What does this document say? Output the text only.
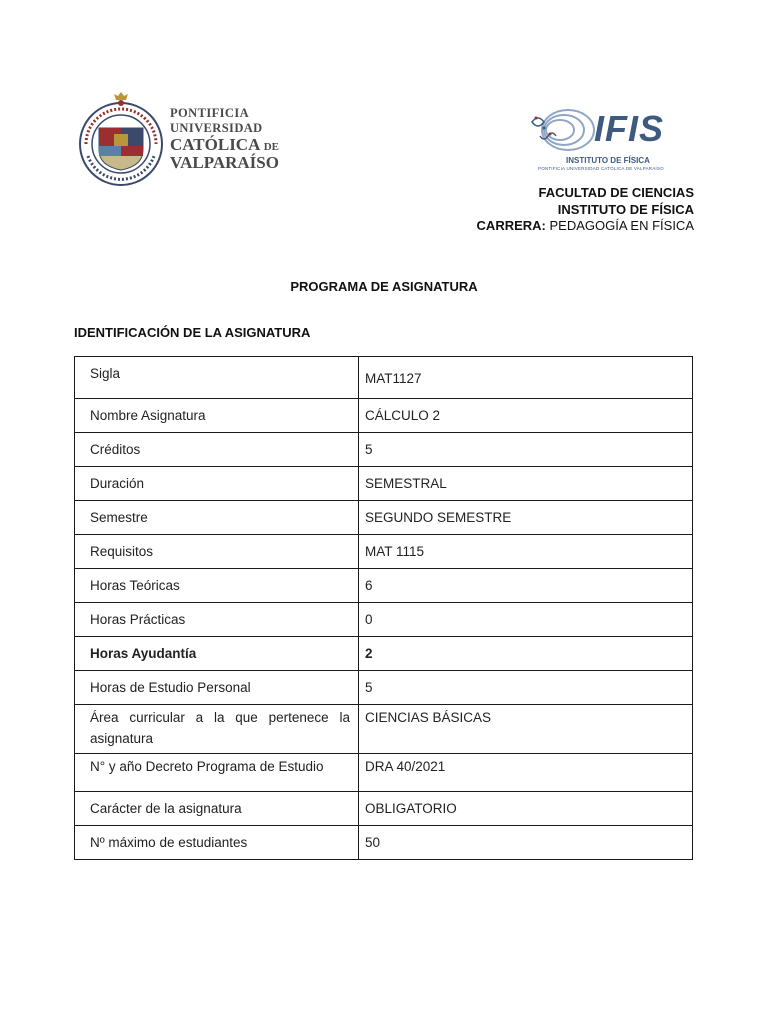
PONTIFICIA
UNIVERSIDAD
CATÓLICA DE
VALPARAÍSO
IFIS
INSTITUTO DE FÍSICA
PONTIFICIA UNIVERSIDAD CATÓLICA DE VALPARAÍSO
FACULTAD DE CIENCIAS
INSTITUTO DE FÍSICA
CARRERA: PEDAGOGÍA EN FÍSICA
PROGRAMA DE ASIGNATURA
IDENTIFICACIÓN DE LA ASIGNATURA
Sigla	MAT1127

Nombre Asignatura	CÁLCULO 2
Créditos	5
Duración	SEMESTRAL
Semestre	SEGUNDO SEMESTRE
Requisitos	MAT 1115
Horas Teóricas	6
Horas Prácticas	0
Horas Ayudantía	2
Horas de Estudio Personal	5
Área curricular a la que pertenece la asignatura	CIENCIAS BÁSICAS
N° y año Decreto Programa de Estudio	DRA 40/2021
Carácter de la asignatura	OBLIGATORIO
Nº máximo de estudiantes	50
